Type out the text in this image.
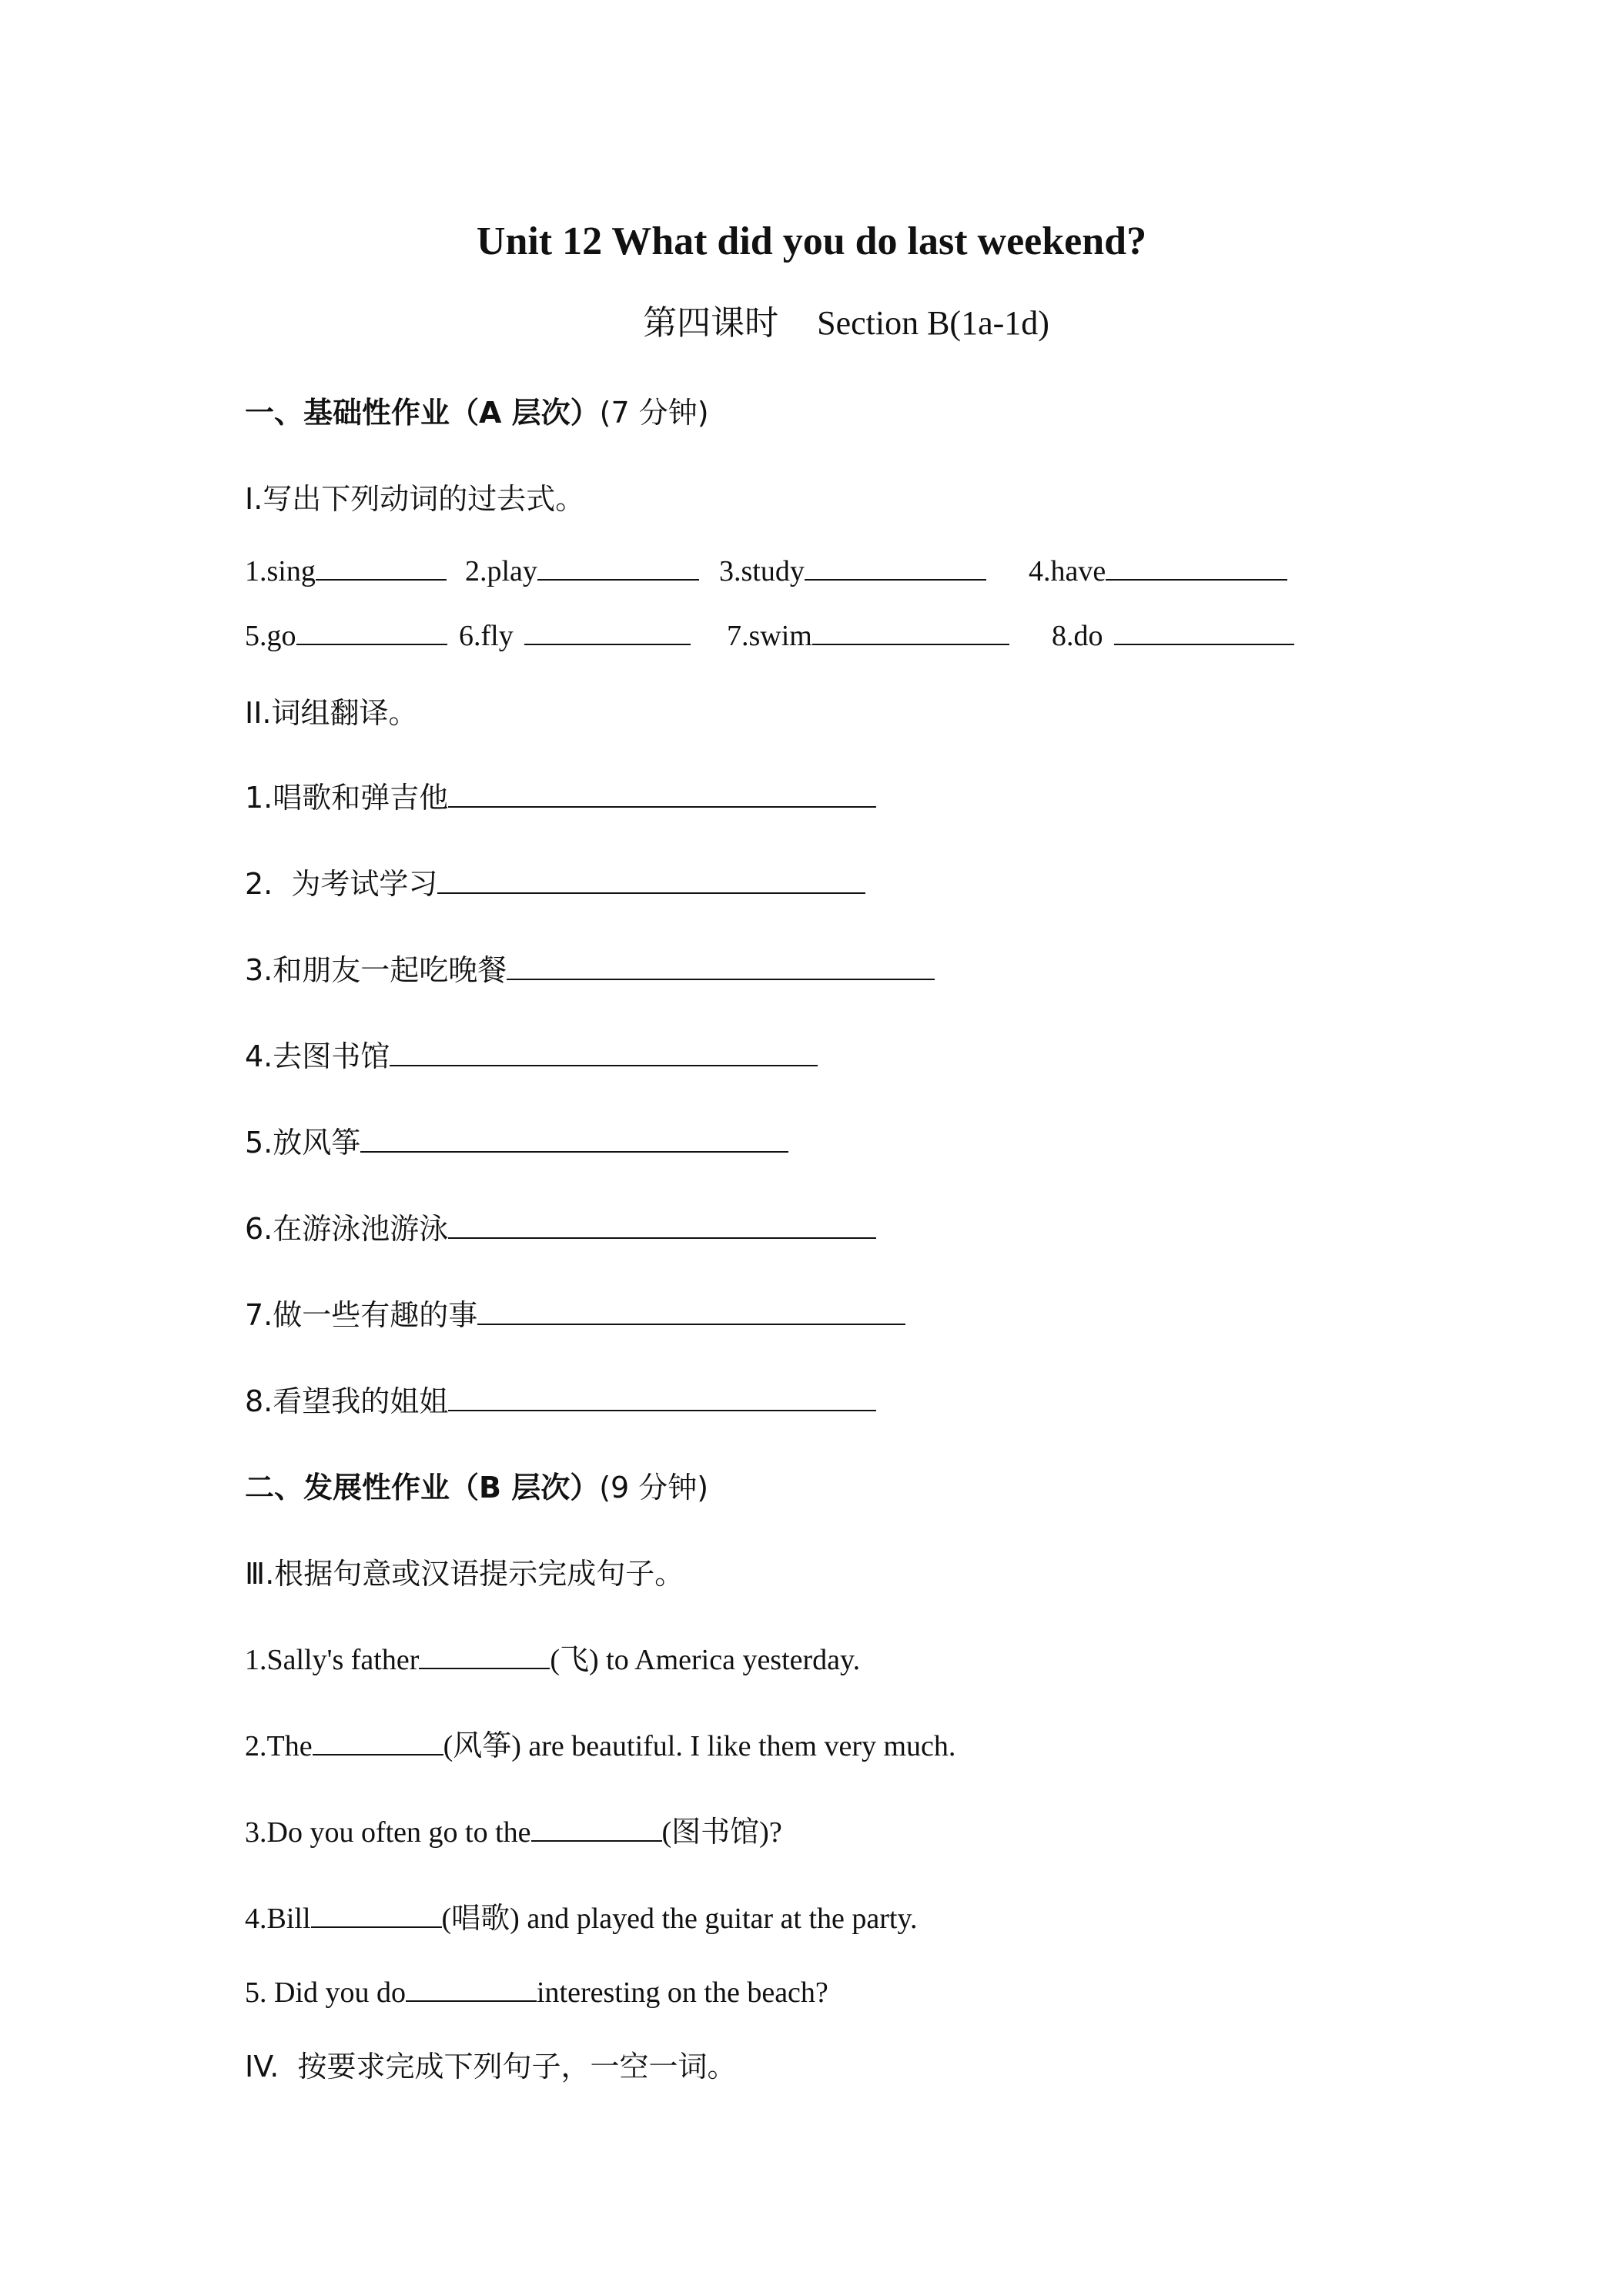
Unit 12 What did you do last weekend?
第四课时 Section B(1a-1d)
一、基础性作业（A 层次）(7 分钟)
I.写出下列动词的过去式。
1.sing	2.play	3.study	4.have
5.go	6.fly	7.swim	8.do
II.词组翻译。
1.唱歌和弹吉他
2.  为考试学习
3.和朋友一起吃晚餐
4.去图书馆
5.放风筝
6.在游泳池游泳
7.做一些有趣的事
8.看望我的姐姐
二、发展性作业（B 层次）(9 分钟)
Ⅲ.根据句意或汉语提示完成句子。
1.Sally's father	(飞) to America yesterday.
2.The	(风筝) are beautiful. I like them very much.
3.Do you often go to the	(图书馆)?
4.Bill	(唱歌) and played the guitar at the party.
5. Did you do	interesting on the beach?
IV.  按要求完成下列句子，一空一词。
